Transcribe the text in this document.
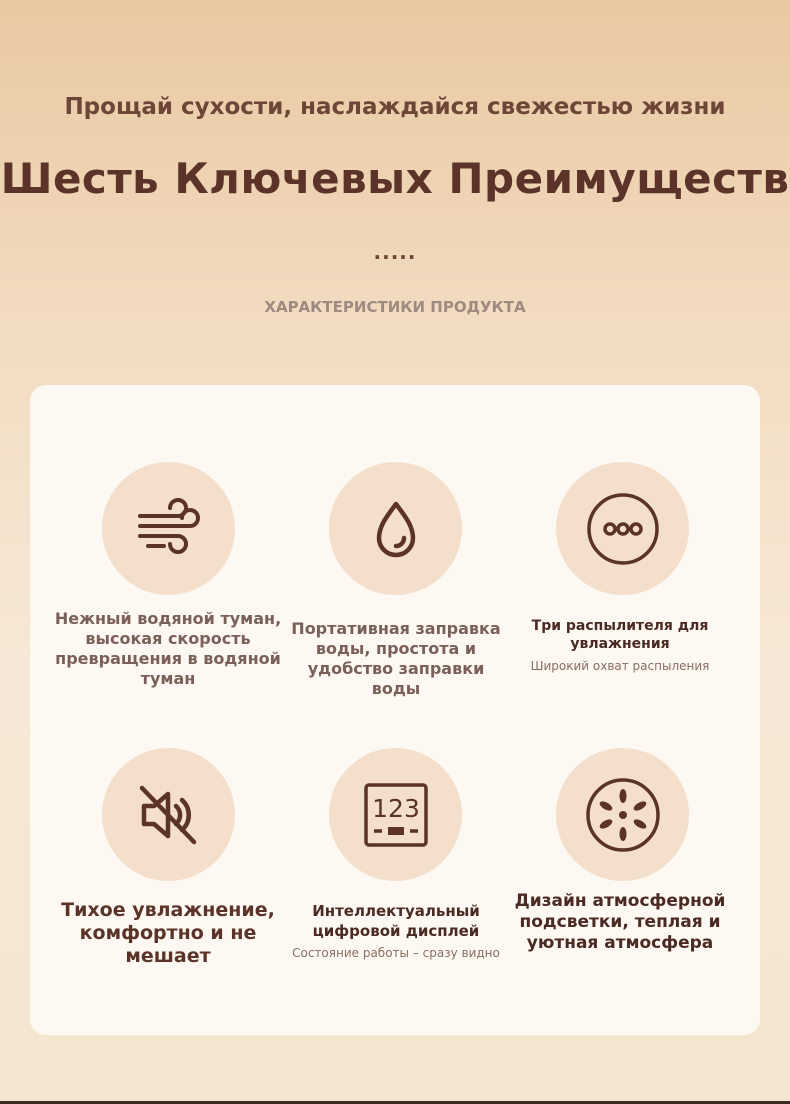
Прощай сухости, наслаждайся свежестью жизни
Шесть Ключевых Преимуществ
.....
ХАРАКТЕРИСТИКИ ПРОДУКТА
Нежный водяной туман, высокая скорость превращения в водяной туман
Портативная заправка воды, простота и удобство заправки воды
Три распылителя для увлажнения
Широкий охват распыления
Тихое увлажнение, комфортно и не мешает
123
Интеллектуальный цифровой дисплей
Состояние работы – сразу видно
Дизайн атмосферной подсветки, теплая и уютная атмосфера
